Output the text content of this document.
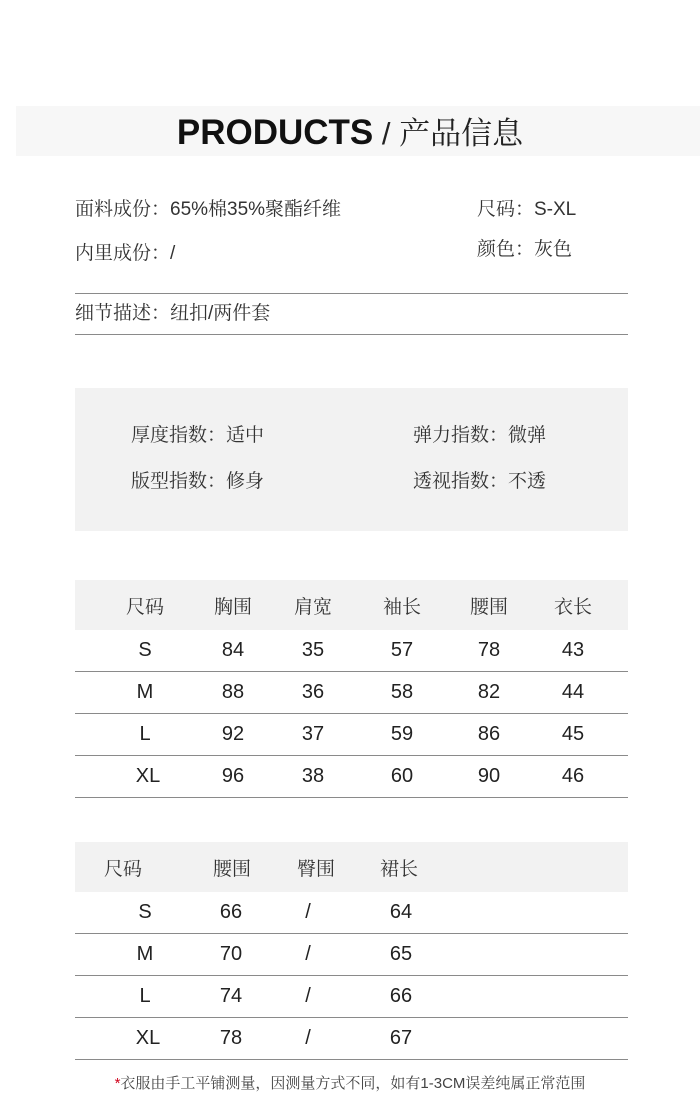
PRODUCTS / 产品信息
面料成份：65%棉35%聚酯纤维	尺码：S-XL
内里成份：/	颜色：灰色
细节描述：纽扣/两件套
厚度指数：适中	弹力指数：微弹
版型指数：修身	透视指数：不透
尺码	胸围	肩宽	袖长	腰围	衣长
S	84	35	57	78	43
M	88	36	58	82	44
L	92	37	59	86	45
XL	96	38	60	90	46
尺码	腰围	臀围	裙长
S	66	/	64
M	70	/	65
L	74	/	66
XL	78	/	67
*衣服由手工平铺测量，因测量方式不同，如有1-3CM误差纯属正常范围
